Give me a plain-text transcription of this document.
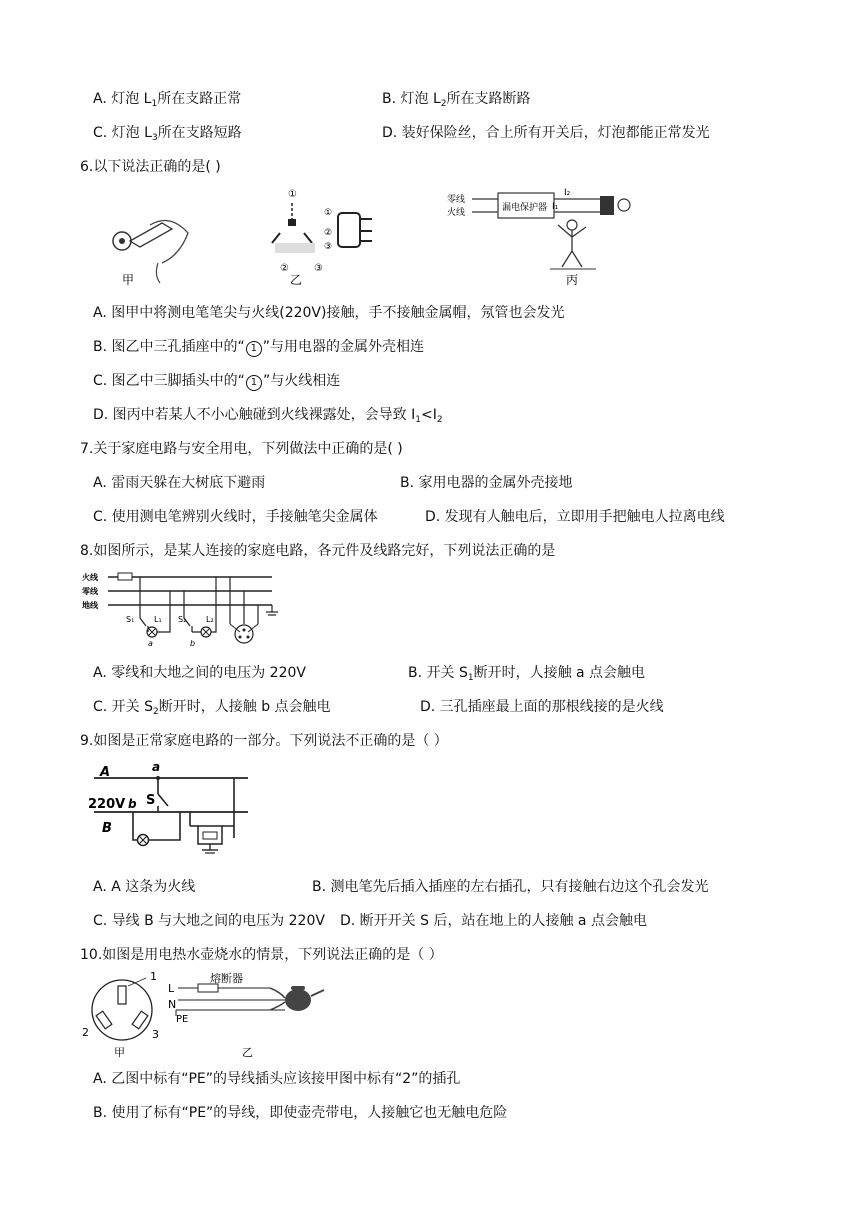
A. 灯泡 $L_1$所在支路正常	B. 灯泡 $L_2$所在支路断路
C. 灯泡 $L_3$所在支路短路	D. 装好保险丝，合上所有开关后，灯泡都能正常发光
6.以下说法正确的是( )
甲
①
②	③
①
②
③
乙
零线
火线	漏电保护器
I₂
I₁
丙
A. 图甲中将测电笔笔尖与火线(220V)接触，手不接触金属帽，氖管也会发光
B. 图乙中三孔插座中的“ 1 ”与用电器的金属外壳相连
C. 图乙中三脚插头中的“ 1 ”与火线相连
D. 图丙中若某人不小心触碰到火线裸露处，会导致 $I_1<I_2$
7.关于家庭电路与安全用电，下列做法中正确的是( )
A. 雷雨天躲在大树底下避雨	B. 家用电器的金属外壳接地
C. 使用测电笔辨别火线时，手接触笔尖金属体	D. 发现有人触电后，立即用手把触电人拉离电线
8.如图所示，是某人连接的家庭电路，各元件及线路完好，下列说法正确的是
火线
零线
地线
S₁ L₁
a
S₂ L₂
b
A. 零线和大地之间的电压为 220V	B. 开关 $S_1$断开时，人接触 a 点会触电
C. 开关 $S_2$断开时，人接触 b 点会触电	D. 三孔插座最上面的那根线接的是火线
9.如图是正常家庭电路的一部分。下列说法不正确的是（ ）
A	a
S
220V b
B
A. A 这条为火线	B. 测电笔先后插入插座的左右插孔，只有接触右边这个孔会发光
C. 导线 B 与大地之间的电压为 220V D. 断开开关 S 后，站在地上的人接触 a 点会触电
10.如图是用电热水壶烧水的情景，下列说法正确的是（ ）
1
2	3
甲
L
N
PE
熔断器
乙
A. 乙图中标有“PE”的导线插头应该接甲图中标有“2”的插孔
B. 使用了标有“PE”的导线，即使壶壳带电，人接触它也无触电危险
